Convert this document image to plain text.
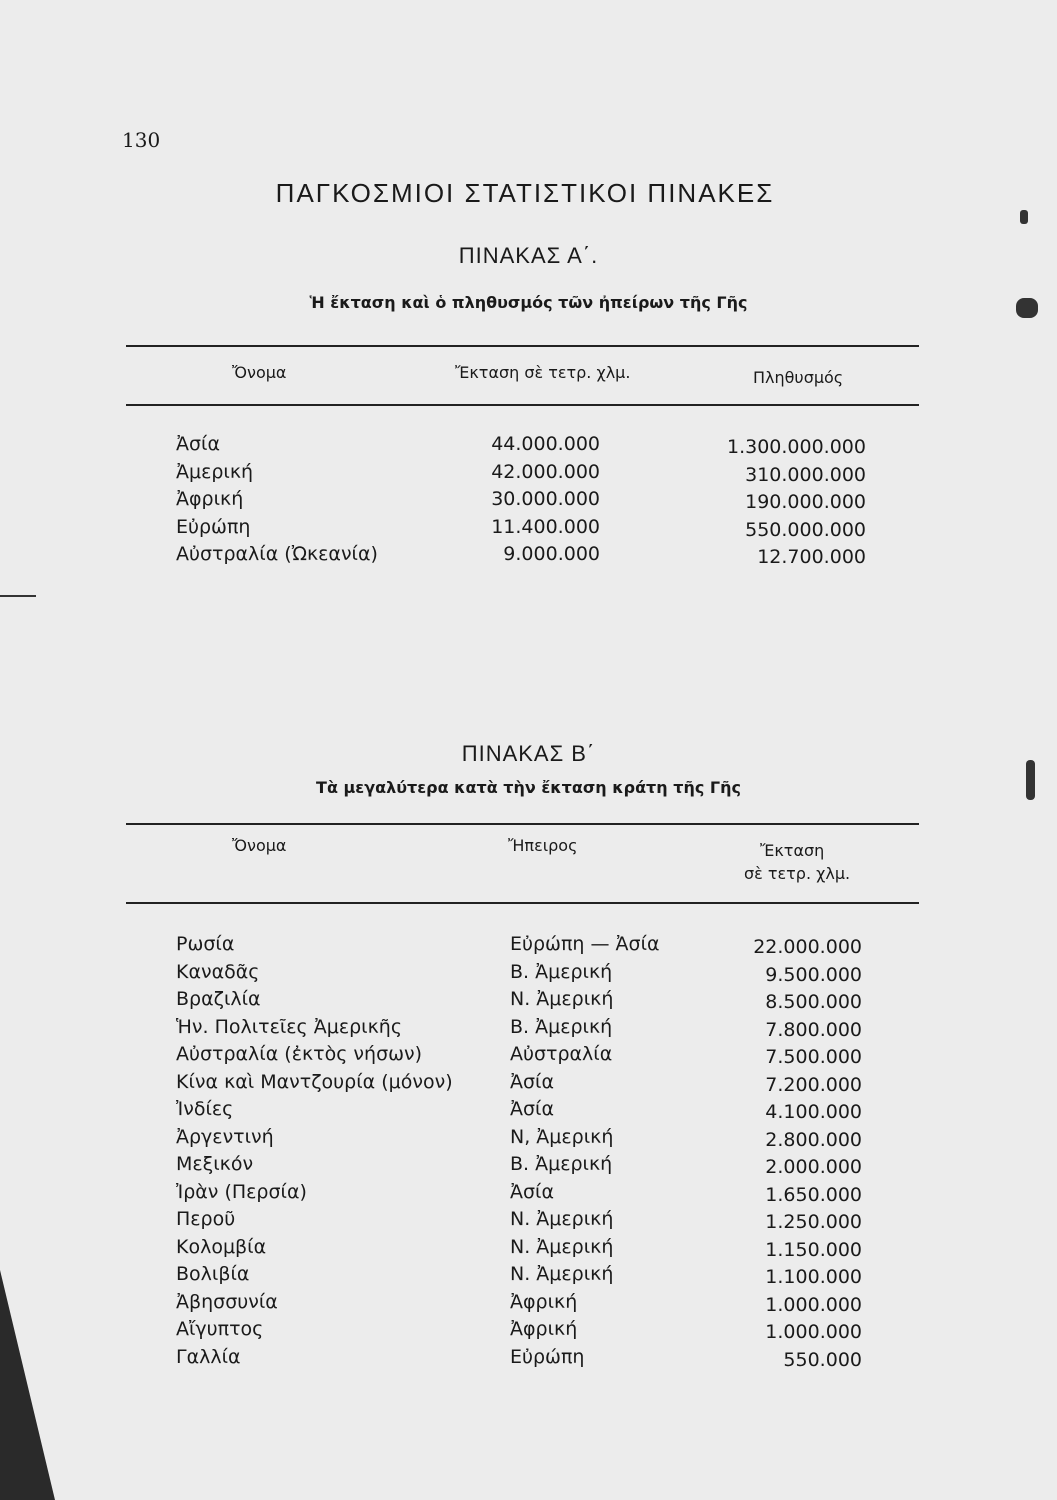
130
ΠΑΓΚΟΣΜΙΟΙ ΣΤΑΤΙΣΤΙΚΟΙ ΠΙΝΑΚΕΣ
ΠΙΝΑΚΑΣ Α΄.
Ἡ ἔκταση καὶ ὁ πληθυσμός τῶν ἠπείρων τῆς Γῆς
Ὄνομα	Ἔκταση σὲ τετρ. χλμ.	Πληθυσμός
Ἀσία	44.000.000	1.300.000.000
Ἀμερική	42.000.000	310.000.000
Ἀφρική	30.000.000	190.000.000
Εὐρώπη	11.400.000	550.000.000
Αὐστραλία (Ὠκεανία)	9.000.000	12.700.000
ΠΙΝΑΚΑΣ Β΄
Τὰ μεγαλύτερα κατὰ τὴν ἔκταση κράτη τῆς Γῆς
Ὄνομα	Ἤπειρος	Ἔκταση
σὲ τετρ. χλμ.
Ρωσία	Εὐρώπη — Ἀσία	22.000.000
Καναδᾶς	Β. Ἀμερική	9.500.000
Βραζιλία	Ν. Ἀμερική	8.500.000
Ἡν. Πολιτεῖες Ἀμερικῆς	Β. Ἀμερική	7.800.000
Αὐστραλία (ἐκτὸς νήσων)	Αὐστραλία	7.500.000
Κίνα καὶ Μαντζουρία (μόνον)	Ἀσία	7.200.000
Ἰνδίες	Ἀσία	4.100.000
Ἀργεντινή	Ν, Ἀμερική	2.800.000
Μεξικόν	Β. Ἀμερική	2.000.000
Ἰρὰν (Περσία)	Ἀσία	1.650.000
Περοῦ	Ν. Ἀμερική	1.250.000
Κολομβία	Ν. Ἀμερική	1.150.000
Βολιβία	Ν. Ἀμερική	1.100.000
Ἀβησσυνία	Ἀφρική	1.000.000
Αἴγυπτος	Ἀφρική	1.000.000
Γαλλία	Εὐρώπη	550.000
